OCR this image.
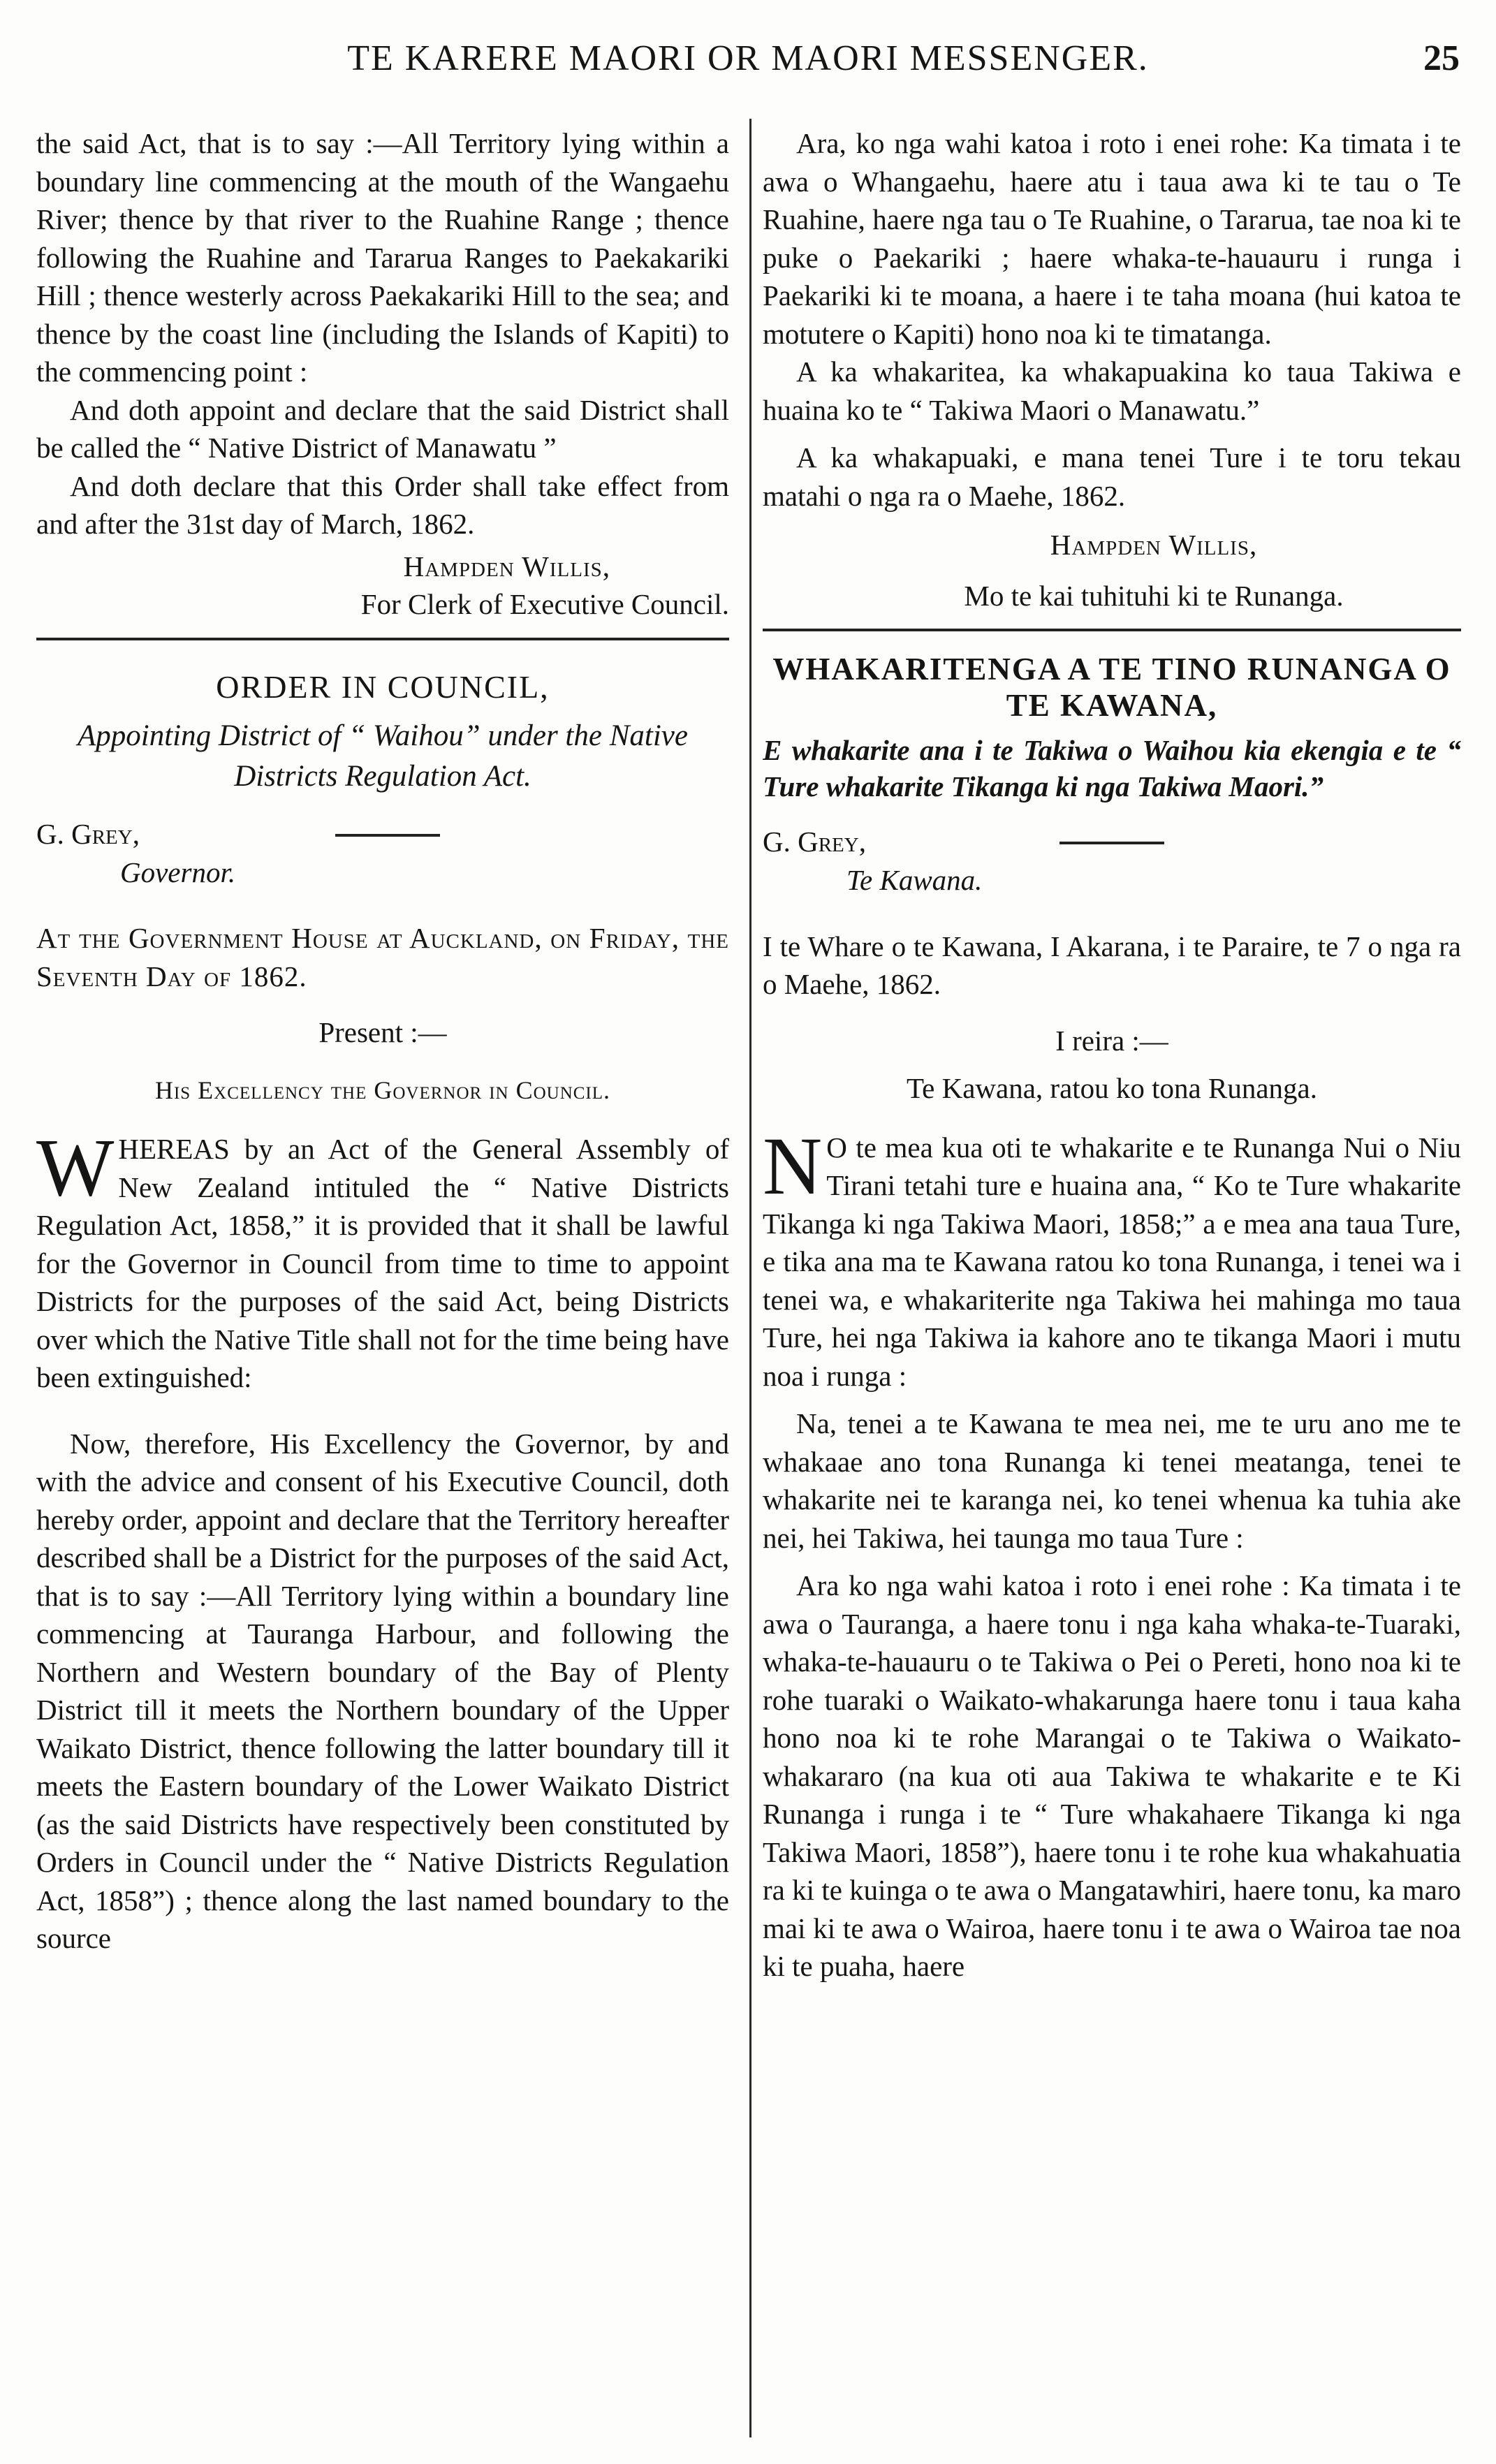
TE KARERE MAORI OR MAORI MESSENGER.	25

the said Act, that is to say :—All Territory lying within a boundary line commencing at the mouth of the Wangaehu River; thence by that river to the Ruahine Range ; thence following the Ruahine and Tararua Ranges to Paekakariki Hill ; thence westerly across Paekakariki Hill to the sea; and thence by the coast line (including the Islands of Kapiti) to the commencing point :

And doth appoint and declare that the said District shall be called the “ Native District of Manawatu ”

And doth declare that this Order shall take effect from and after the 31st day of March, 1862.

Hampden Willis,

For Clerk of Executive Council.

ORDER IN COUNCIL,

Appointing District of “ Waihou” under the Native Districts Regulation Act.

G. Grey,

Governor.

At the Government House at Auckland, on Friday, the Seventh Day of 1862.

Present :—

His Excellency the Governor in Council.

WHEREAS by an Act of the General Assembly of New Zealand intituled the “ Native Districts Regulation Act, 1858,” it is provided that it shall be lawful for the Governor in Council from time to time to appoint Districts for the purposes of the said Act, being Districts over which the Native Title shall not for the time being have been extinguished:

Now, therefore, His Excellency the Governor, by and with the advice and consent of his Executive Council, doth hereby order, appoint and declare that the Territory hereafter described shall be a District for the purposes of the said Act, that is to say :—All Territory lying within a boundary line commencing at Tauranga Harbour, and following the Northern and Western boundary of the Bay of Plenty District till it meets the Northern boundary of the Upper Waikato District, thence following the latter boundary till it meets the Eastern boundary of the Lower Waikato District (as the said Districts have respectively been constituted by Orders in Council under the “ Native Districts Regulation Act, 1858”) ; thence along the last named boundary to the source

Ara, ko nga wahi katoa i roto i enei rohe: Ka timata i te awa o Whangaehu, haere atu i taua awa ki te tau o Te Ruahine, haere nga tau o Te Ruahine, o Tararua, tae noa ki te puke o Paekariki ; haere whaka-te-hauauru i runga i Paekariki ki te moana, a haere i te taha moana (hui katoa te motutere o Kapiti) hono noa ki te timatanga.

A ka whakaritea, ka whakapuakina ko taua Takiwa e huaina ko te “ Takiwa Maori o Manawatu.”

A ka whakapuaki, e mana tenei Ture i te toru tekau matahi o nga ra o Maehe, 1862.

Hampden Willis,

Mo te kai tuhituhi ki te Runanga.

WHAKARITENGA A TE TINO RUNANGA O TE KAWANA,

E whakarite ana i te Takiwa o Waihou kia ekengia e te “ Ture whakarite Tikanga ki nga Takiwa Maori.”

G. Grey,

Te Kawana.

I te Whare o te Kawana, I Akarana, i te Paraire, te 7 o nga ra o Maehe, 1862.

I reira :—

Te Kawana, ratou ko tona Runanga.

N O te mea kua oti te whakarite e te Runanga Nui o Niu Tirani tetahi ture e huaina ana, “ Ko te Ture whakarite Tikanga ki nga Takiwa Maori, 1858;” a e mea ana taua Ture, e tika ana ma te Kawana ratou ko tona Runanga, i tenei wa i tenei wa, e whakariterite nga Takiwa hei mahinga mo taua Ture, hei nga Takiwa ia kahore ano te tikanga Maori i mutu noa i runga :

Na, tenei a te Kawana te mea nei, me te uru ano me te whakaae ano tona Runanga ki tenei meatanga, tenei te whakarite nei te karanga nei, ko tenei whenua ka tuhia ake nei, hei Takiwa, hei taunga mo taua Ture :

Ara ko nga wahi katoa i roto i enei rohe : Ka timata i te awa o Tauranga, a haere tonu i nga kaha whaka-te-Tuaraki, whaka-te-hauauru o te Takiwa o Pei o Pereti, hono noa ki te rohe tuaraki o Waikato-whakarunga haere tonu i taua kaha hono noa ki te rohe Marangai o te Takiwa o Waikato-whakararo (na kua oti aua Takiwa te whakarite e te Ki Runanga i runga i te “ Ture whakahaere Tikanga ki nga Takiwa Maori, 1858”), haere tonu i te rohe kua whakahuatia ra ki te kuinga o te awa o Mangatawhiri, haere tonu, ka maro mai ki te awa o Wairoa, haere tonu i te awa o Wairoa tae noa ki te puaha, haere
